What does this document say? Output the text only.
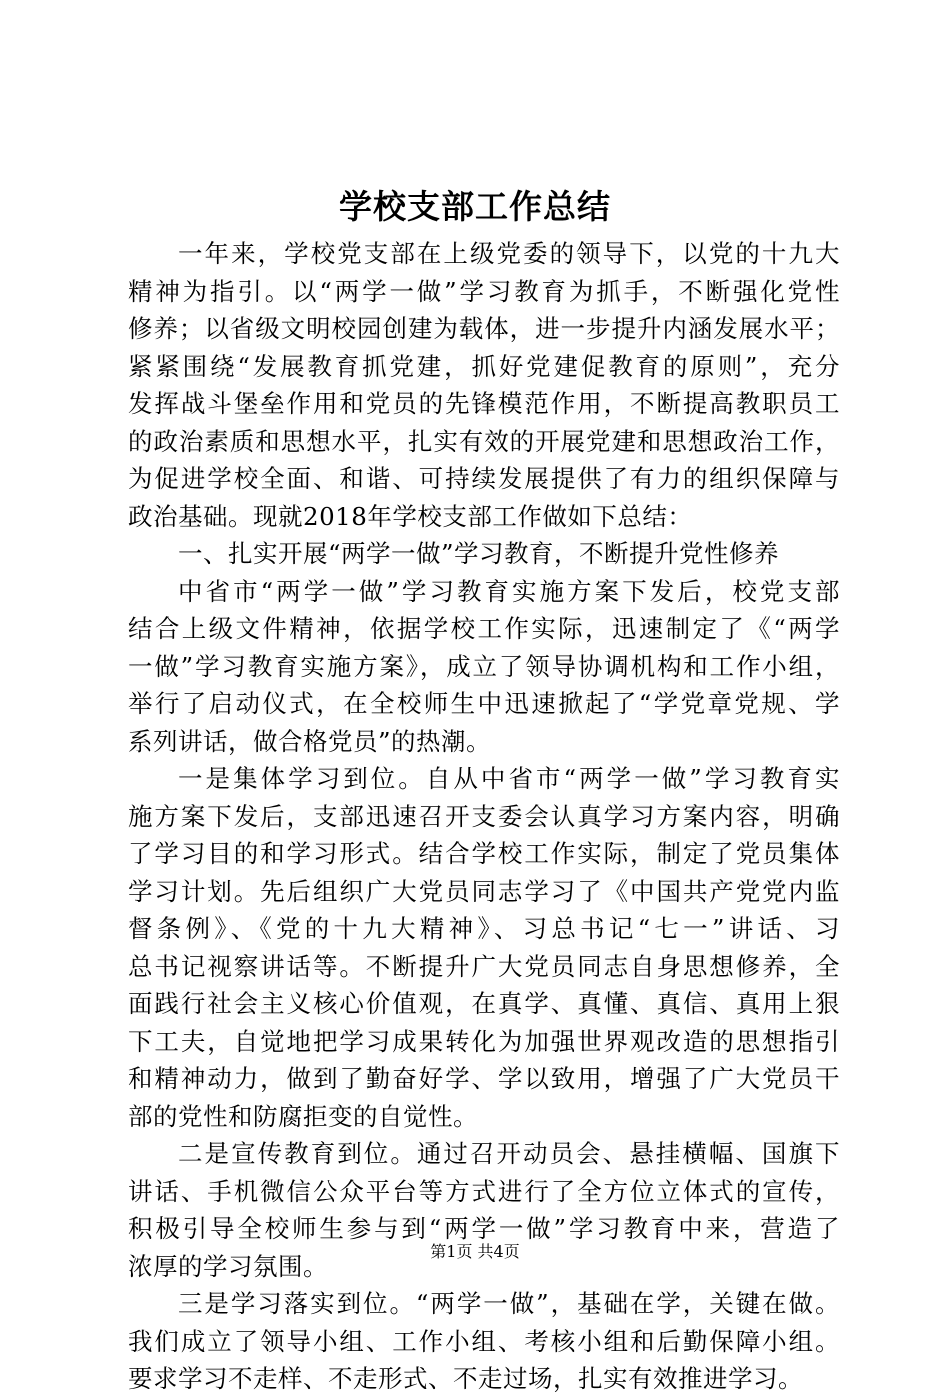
学校支部工作总结
一年来，学校党支部在上级党委的领导下，以党的十九大
精神为指引。以“两学一做”学习教育为抓手，不断强化党性
修养；以省级文明校园创建为载体，进一步提升内涵发展水平；
紧紧围绕“发展教育抓党建，抓好党建促教育的原则”，充分
发挥战斗堡垒作用和党员的先锋模范作用，不断提高教职员工
的政治素质和思想水平，扎实有效的开展党建和思想政治工作，
为促进学校全面、和谐、可持续发展提供了有力的组织保障与
政治基础。现就2018年学校支部工作做如下总结：
一、扎实开展“两学一做”学习教育，不断提升党性修养
中省市“两学一做”学习教育实施方案下发后，校党支部
结合上级文件精神，依据学校工作实际，迅速制定了《“两学
一做”学习教育实施方案》，成立了领导协调机构和工作小组，
举行了启动仪式，在全校师生中迅速掀起了“学党章党规、学
系列讲话，做合格党员”的热潮。
一是集体学习到位。自从中省市“两学一做”学习教育实
施方案下发后，支部迅速召开支委会认真学习方案内容，明确
了学习目的和学习形式。结合学校工作实际，制定了党员集体
学习计划。先后组织广大党员同志学习了《中国共产党党内监
督条例》、《党的十九大精神》、习总书记“七一”讲话、习
总书记视察讲话等。不断提升广大党员同志自身思想修养，全
面践行社会主义核心价值观，在真学、真懂、真信、真用上狠
下工夫，自觉地把学习成果转化为加强世界观改造的思想指引
和精神动力，做到了勤奋好学、学以致用，增强了广大党员干
部的党性和防腐拒变的自觉性。
二是宣传教育到位。通过召开动员会、悬挂横幅、国旗下
讲话、手机微信公众平台等方式进行了全方位立体式的宣传，
积极引导全校师生参与到“两学一做”学习教育中来，营造了
浓厚的学习氛围。
三是学习落实到位。“两学一做”，基础在学，关键在做。
我们成立了领导小组、工作小组、考核小组和后勤保障小组。
要求学习不走样、不走形式、不走过场，扎实有效推进学习。
第1页 共4页
